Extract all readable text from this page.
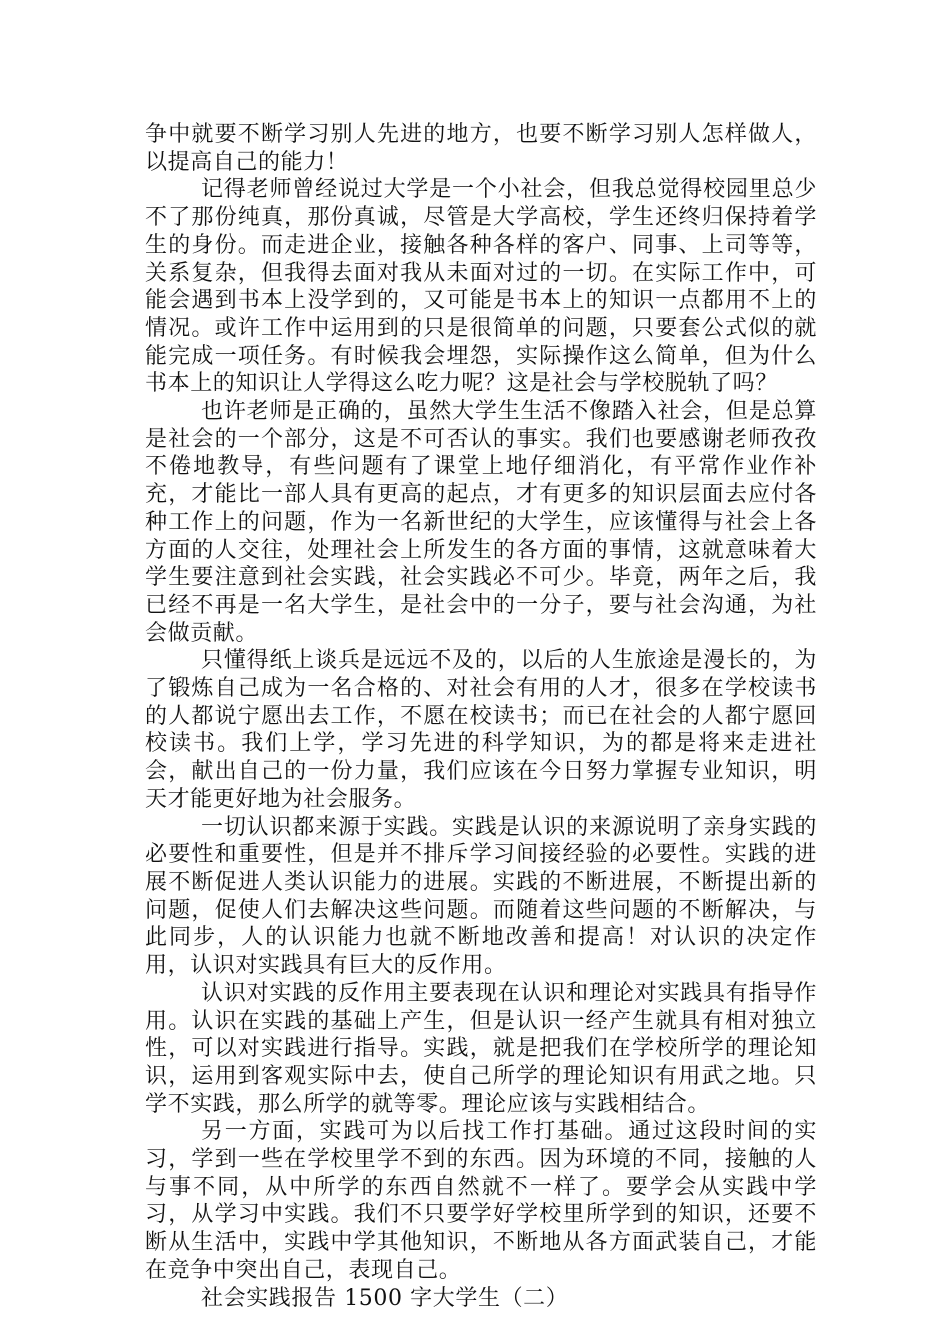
争中就要不断学习别人先进的地方，也要不断学习别人怎样做人，以提高自己的能力！

记得老师曾经说过大学是一个小社会，但我总觉得校园里总少不了那份纯真，那份真诚，尽管是大学高校，学生还终归保持着学生的身份。而走进企业，接触各种各样的客户、同事、上司等等，关系复杂，但我得去面对我从未面对过的一切。在实际工作中，可能会遇到书本上没学到的，又可能是书本上的知识一点都用不上的情况。或许工作中运用到的只是很简单的问题，只要套公式似的就能完成一项任务。有时候我会埋怨，实际操作这么简单，但为什么书本上的知识让人学得这么吃力呢？这是社会与学校脱轨了吗？

也许老师是正确的，虽然大学生生活不像踏入社会，但是总算是社会的一个部分，这是不可否认的事实。我们也要感谢老师孜孜不倦地教导，有些问题有了课堂上地仔细消化，有平常作业作补充，才能比一部人具有更高的起点，才有更多的知识层面去应付各种工作上的问题，作为一名新世纪的大学生，应该懂得与社会上各方面的人交往，处理社会上所发生的各方面的事情，这就意味着大学生要注意到社会实践，社会实践必不可少。毕竟，两年之后，我已经不再是一名大学生，是社会中的一分子，要与社会沟通，为社会做贡献。

只懂得纸上谈兵是远远不及的，以后的人生旅途是漫长的，为了锻炼自己成为一名合格的、对社会有用的人才，很多在学校读书的人都说宁愿出去工作，不愿在校读书；而已在社会的人都宁愿回校读书。我们上学，学习先进的科学知识，为的都是将来走进社会，献出自己的一份力量，我们应该在今日努力掌握专业知识，明天才能更好地为社会服务。

一切认识都来源于实践。实践是认识的来源说明了亲身实践的必要性和重要性，但是并不排斥学习间接经验的必要性。实践的进展不断促进人类认识能力的进展。实践的不断进展，不断提出新的问题，促使人们去解决这些问题。而随着这些问题的不断解决，与此同步，人的认识能力也就不断地改善和提高！对认识的决定作用，认识对实践具有巨大的反作用。

认识对实践的反作用主要表现在认识和理论对实践具有指导作用。认识在实践的基础上产生，但是认识一经产生就具有相对独立性，可以对实践进行指导。实践，就是把我们在学校所学的理论知识，运用到客观实际中去，使自己所学的理论知识有用武之地。只学不实践，那么所学的就等零。理论应该与实践相结合。

另一方面，实践可为以后找工作打基础。通过这段时间的实习，学到一些在学校里学不到的东西。因为环境的不同，接触的人与事不同，从中所学的东西自然就不一样了。要学会从实践中学习，从学习中实践。我们不只要学好学校里所学到的知识，还要不断从生活中，实践中学其他知识，不断地从各方面武装自己，才能在竞争中突出自己，表现自己。

社会实践报告 1500 字大学生（二）
